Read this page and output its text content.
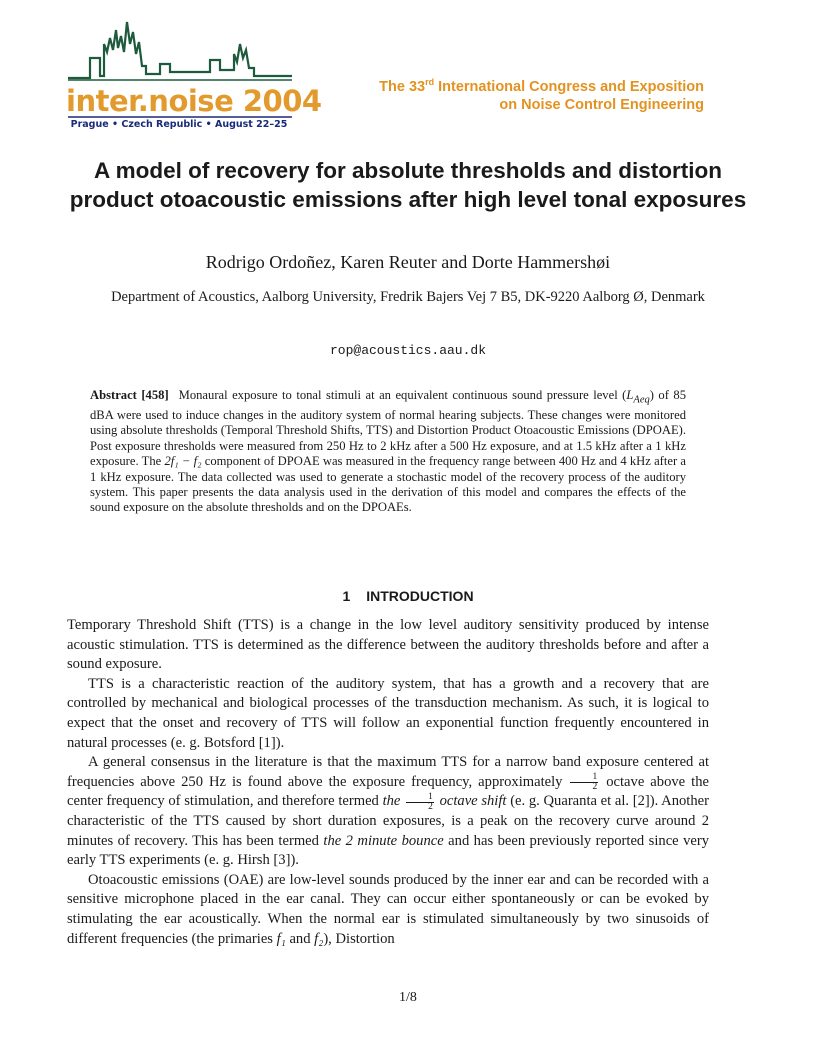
inter.noise 2004
Prague • Czech Republic • August 22–25
The 33rd International Congress and Exposition
on Noise Control Engineering
A model of recovery for absolute thresholds and distortion product otoacoustic emissions after high level tonal exposures
Rodrigo Ordoñez, Karen Reuter and Dorte Hammershøi
Department of Acoustics, Aalborg University, Fredrik Bajers Vej 7 B5, DK-9220 Aalborg Ø, Denmark
rop@acoustics.aau.dk
Abstract [458] Monaural exposure to tonal stimuli at an equivalent continuous sound pressure level $(L_{Aeq})$ of 85 dBA were used to induce changes in the auditory system of normal hearing subjects. These changes were monitored using absolute thresholds (Temporal Threshold Shifts, TTS) and Distortion Product Otoacoustic Emissions (DPOAE). Post exposure thresholds were measured from 250 Hz to 2 kHz after a 500 Hz exposure, and at 1.5 kHz after a 1 kHz exposure. The 2f₁ − f₂ component of DPOAE was measured in the frequency range between 400 Hz and 4 kHz after a 1 kHz exposure. The data collected was used to generate a stochastic model of the recovery process of the auditory system. This paper presents the data analysis used in the derivation of this model and compares the effects of the sound exposure on the absolute thresholds and on the DPOAEs.
1 INTRODUCTION

Temporary Threshold Shift (TTS) is a change in the low level auditory sensitivity produced by intense acoustic stimulation. TTS is determined as the difference between the auditory thresholds before and after a sound exposure.

TTS is a characteristic reaction of the auditory system, that has a growth and a recovery that are controlled by mechanical and biological processes of the transduction mechanism. As such, it is logical to expect that the onset and recovery of TTS will follow an exponential function frequently encountered in natural processes (e. g. Botsford [1]).

A general consensus in the literature is that the maximum TTS for a narrow band exposure centered at frequencies above 250 Hz is found above the exposure frequency, approximately $\frac{1}{2}$ octave above the center frequency of stimulation, and therefore termed the $\frac{1}{2}$ octave shift (e. g. Quaranta et al. [2]). Another characteristic of the TTS caused by short duration exposures, is a peak on the recovery curve around 2 minutes of recovery. This has been termed the 2 minute bounce and has been previously reported since very early TTS experiments (e. g. Hirsh [3]).

Otoacoustic emissions (OAE) are low-level sounds produced by the inner ear and can be recorded with a sensitive microphone placed in the ear canal. They can occur either spontaneously or can be evoked by stimulating the ear acoustically. When the normal ear is stimulated simultaneously by two sinusoids of different frequencies (the primaries f₁ and f₂), Distortion

1/8
